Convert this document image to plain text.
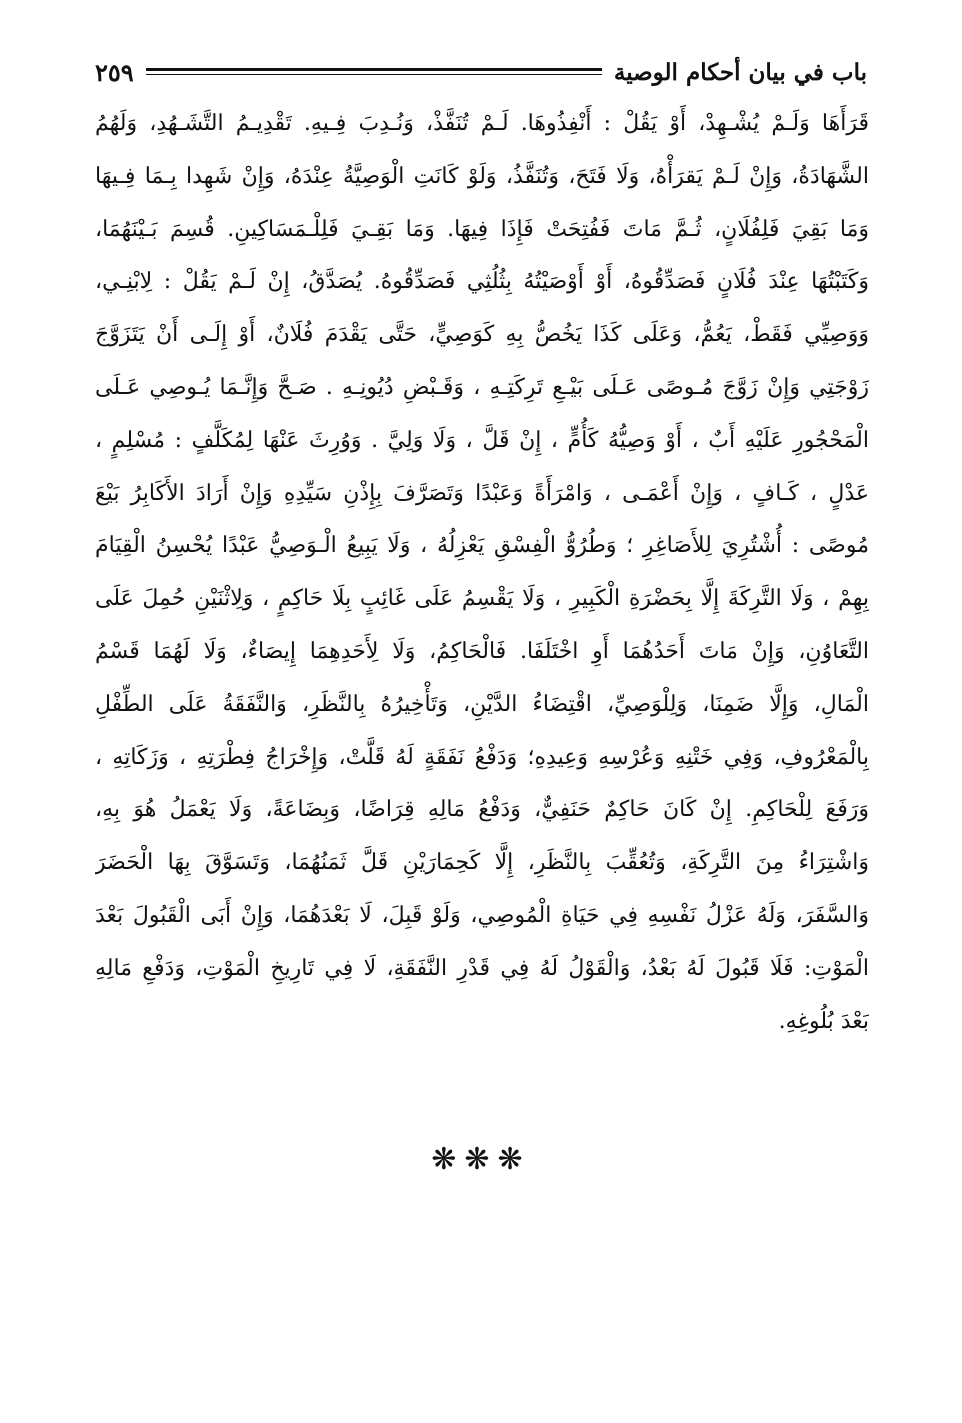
باب في بيان أحكام الوصية
٢٥٩
قَرَأَهَا وَلَـمْ يُشْـهِدْ، أَوْ يَقُلْ : أَنْفِذُوهَا. لَـمْ تُنَفَّذْ، وَنُـدِبَ فِـيهِ. تَقْدِيـمُ التَّشَـهُدِ، وَلَهُمُ
الشَّهَادَةُ، وَإِنْ لَـمْ يَقرَأْهُ، وَلَا فَتَحَ، وَتُنَفَّذُ، وَلَوْ كَانَتِ الْوَصِيَّةُ عِنْدَهُ، وَإِنْ شَهِدا بِـمَا فِـيهَا
وَمَا بَقِيَ فَلِفُلَانٍ، ثُـمَّ مَاتَ فَفُتِحَتْ فَإِذَا فِيهَا. وَمَا بَقِـيَ فَلِلْـمَسَاكِينِ. قُسِمَ بَـيْنَهُمَا،
وَكَتَبْتُهَا عِنْدَ فُلَانٍ فَصَدِّقُوهُ، أَوْ أَوْصَيْتُهُ بِثُلُثِي فَصَدِّقُوهُ. يُصَدَّقُ، إِنْ لَـمْ يَقُلْ : لِابْنِـي،
وَوَصِيِّي فَقَطْ، يَعُمُّ، وَعَلَى كَذَا يَخُصُّ بِهِ كَوَصِيٍّ، حَتَّى يَقْدَمَ فُلَانٌ، أَوْ إِلَـى أَنْ يَتَزَوَّجَ
زَوْجَتِي وَإِنْ زَوَّجَ مُـوصًى عَـلَى بَيْـعِ تَرِكَتِـهِ ، وَقَـبْضِ دُيُونِـهِ . صَـحَّ وَإِنَّـمَا يُـوصِي عَـلَى
الْمَحْجُورِ عَلَيْهِ أَبٌ ، أَوْ وَصِيُّهُ كَأُمٍّ ، إِنْ قَلَّ ، وَلَا وَلِيَّ . وَوُرِثَ عَنْهَا لِمُكَلَّفٍ : مُسْلِمٍ ،
عَدْلٍ ، كَـافٍ ، وَإِنْ أَعْمَـى ، وَامْرَأَةً وَعَبْدًا وَتَصَرَّفَ بِإِذْنِ سَيِّدِهِ وَإِنْ أَرَادَ الأَكَابِرُ بَيْعَ
مُوصًى : أُشْتُرِيَ لِلأَصَاغِرِ ؛ وَطُرُوُّ الْفِسْقِ يَعْزِلُهُ ، وَلَا يَبِيعُ الْـوَصِيُّ عَبْدًا يُحْسِنُ الْقِيَامَ
بِهِمْ ، وَلَا التَّرِكَةَ إِلَّا بِحَضْرَةِ الْكَبِيرِ ، وَلَا يَقْسِمُ عَلَى غَائِبٍ بِلَا حَاكِمٍ ، وَلِاثْنَيْنِ حُمِلَ عَلَى
التَّعَاوُنِ، وَإِنْ مَاتَ أَحَدُهُمَا أَوِ اخْتَلَفَا. فَالْحَاكِمُ، وَلَا لِأَحَدِهِمَا إِيصَاءٌ، وَلَا لَهُمَا قَسْمُ
الْمَالِ، وَإِلَّا ضَمِنَا، وَلِلْوَصِيِّ، اقْتِضَاءُ الدَّيْنِ، وَتَأْخِيرُهُ بِالنَّظَرِ، وَالنَّفَقَةُ عَلَى الطِّفْلِ
بِالْمَعْرُوفِ، وَفِي خَتْنِهِ وَعُرْسِهِ وَعِيدِهِ؛ وَدَفْعُ نَفَقَةٍ لَهُ قَلَّتْ، وَإِخْرَاجُ فِطْرَتِهِ ، وَزَكَاتِهِ ،
وَرَفَعَ لِلْحَاكِمِ. إِنْ كَانَ حَاكِمٌ حَنَفِيٌّ، وَدَفْعُ مَالِهِ قِرَاضًا، وَبِضَاعَةً، وَلَا يَعْمَلُ هُوَ بِهِ،
وَاشْتِرَاءُ مِنَ التَّرِكَةِ، وَتُعُقِّبَ بِالنَّظَرِ، إِلَّا كَحِمَارَيْنِ قَلَّ ثَمَنُهُمَا، وَتَسَوَّقَ بِهَا الْحَضَرَ
وَالسَّفَرَ، وَلَهُ عَزْلُ نَفْسِهِ فِي حَيَاةِ الْمُوصِي، وَلَوْ قَبِلَ، لَا بَعْدَهُمَا، وَإِنْ أَبَى الْقَبُولَ بَعْدَ
الْمَوْتِ: فَلَا قَبُولَ لَهُ بَعْدُ، وَالْقَوْلُ لَهُ فِي قَدْرِ النَّفَقَةِ، لَا فِي تَارِيخِ الْمَوْتِ، وَدَفْعِ مَالِهِ
بَعْدَ بُلُوغِهِ.
❋❋❋
